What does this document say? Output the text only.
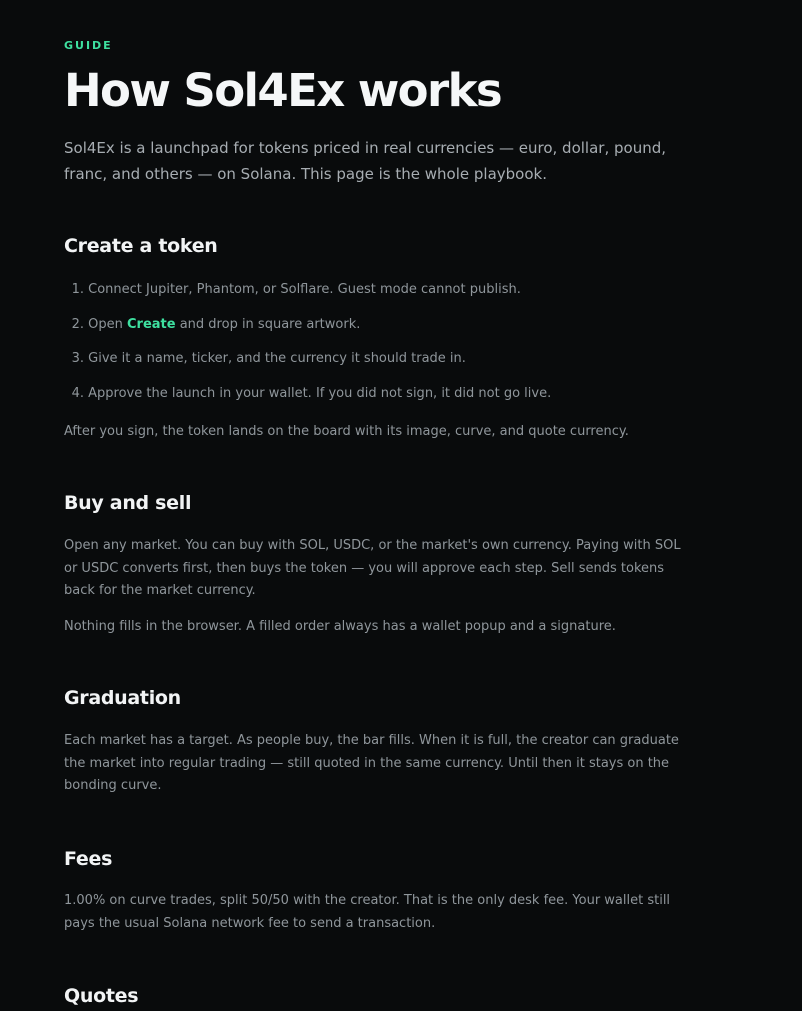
GUIDE

How Sol4Ex works

Sol4Ex is a launchpad for tokens priced in real currencies — euro, dollar, pound, franc, and others — on Solana. This page is the whole playbook.

Create a token
1. Connect Jupiter, Phantom, or Solflare. Guest mode cannot publish.
2. Open Create and drop in square artwork.
3. Give it a name, ticker, and the currency it should trade in.
4. Approve the launch in your wallet. If you did not sign, it did not go live.

After you sign, the token lands on the board with its image, curve, and quote currency.

Buy and sell

Open any market. You can buy with SOL, USDC, or the market's own currency. Paying with SOL or USDC converts first, then buys the token — you will approve each step. Sell sends tokens back for the market currency.

Nothing fills in the browser. A filled order always has a wallet popup and a signature.

Graduation

Each market has a target. As people buy, the bar fills. When it is full, the creator can graduate the market into regular trading — still quoted in the same currency. Until then it stays on the bonding curve.

Fees

1.00% on curve trades, split 50/50 with the creator. That is the only desk fee. Your wallet still pays the usual Solana network fee to send a transaction.

Quotes
